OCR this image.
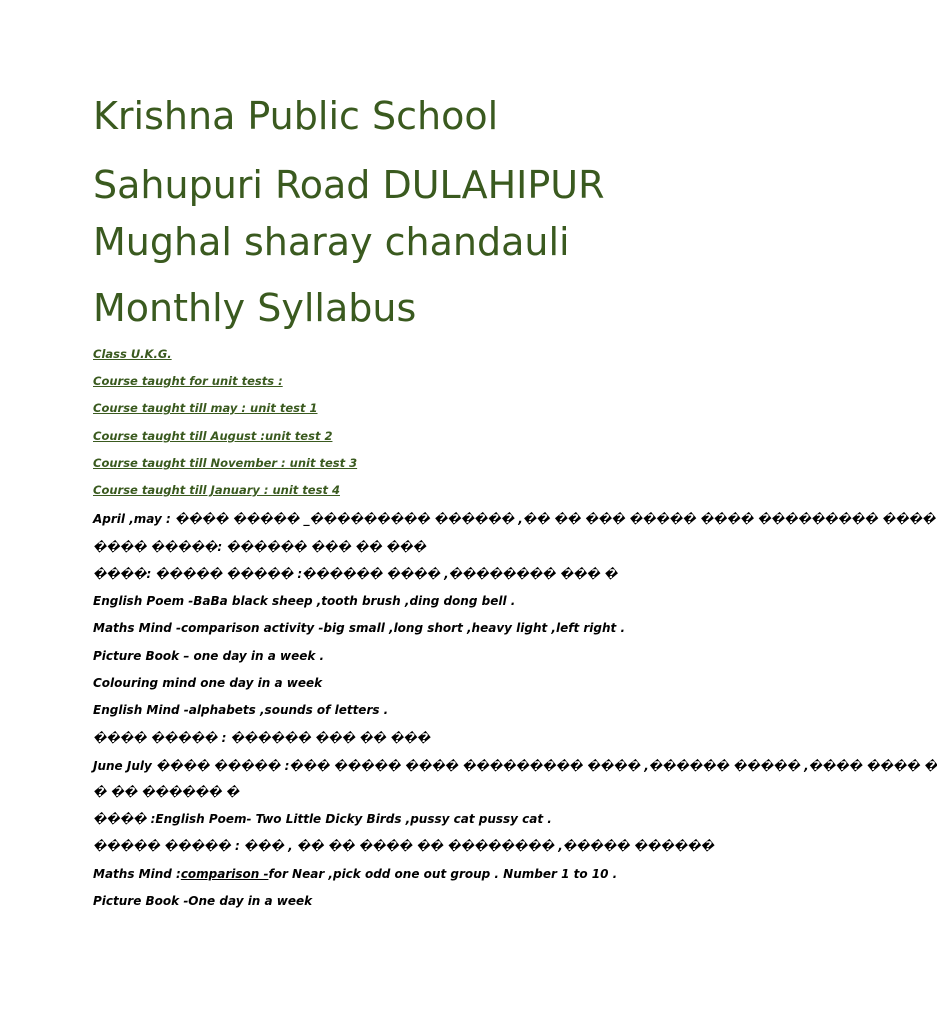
Krishna Public School
Sahupuri Road DULAHIPUR
Mughal sharay chandauli
Monthly Syllabus
Class U.K.G.
Course taught for unit tests :
Course taught till may : unit test 1
Course taught till August :unit test 2
Course taught till November : unit test 3
Course taught till January : unit test 4
April ,may : ���� ����� _��������� ������ ,�� �� ��� ����� ���� ��������� ����
���� �����: ������ ��� �� ���
����: ����� ����� :������ ���� ,�������� ��� �
English Poem -BaBa black sheep ,tooth brush ,ding dong bell .
Maths Mind -comparison activity -big small ,long short ,heavy light ,left right .
Picture Book – one day in a week .
Colouring mind one day in a week
English Mind -alphabets ,sounds of letters .
���� ����� : ������ ��� �� ���
June July ���� ����� :��� ����� ���� ��������� ���� ,������ ����� ,���� ���� �
� �� ������ �
���� :English Poem- Two Little Dicky Birds ,pussy cat pussy cat .
����� ����� : ��� , �� �� ���� �� �������� ,����� ������
Maths Mind :comparison -for Near ,pick odd one out group . Number 1 to 10 .
Picture Book -One day in a week
